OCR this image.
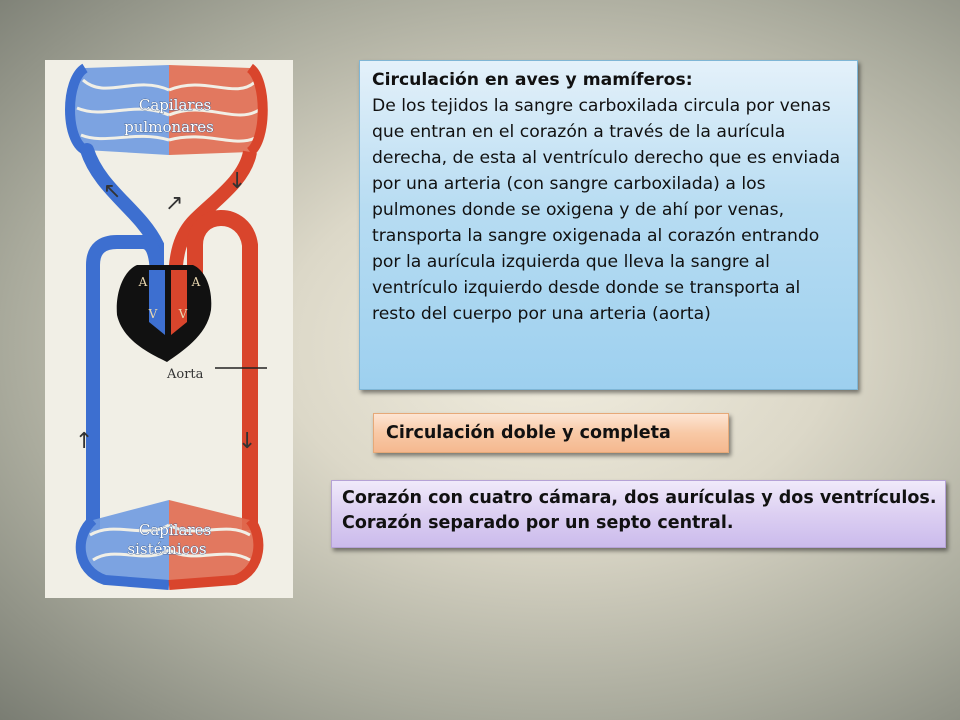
Capilares
pulmonares
A	A
V V
Aorta
↖ ↗
↓
↑	↓
Capilares
sistémicos
Circulación en aves y mamíferos:
De los tejidos la sangre carboxilada circula por venas que entran en el corazón a través de la aurícula derecha, de esta al ventrículo derecho que es enviada por una arteria (con sangre carboxilada) a los pulmones donde se oxigena y de ahí por venas, transporta la sangre oxigenada al corazón entrando por la aurícula izquierda que lleva la sangre al ventrículo izquierdo desde donde se transporta al resto del cuerpo por una arteria (aorta)
Circulación doble y completa
Corazón con cuatro cámara, dos aurículas y dos ventrículos.
Corazón separado por un septo central.
